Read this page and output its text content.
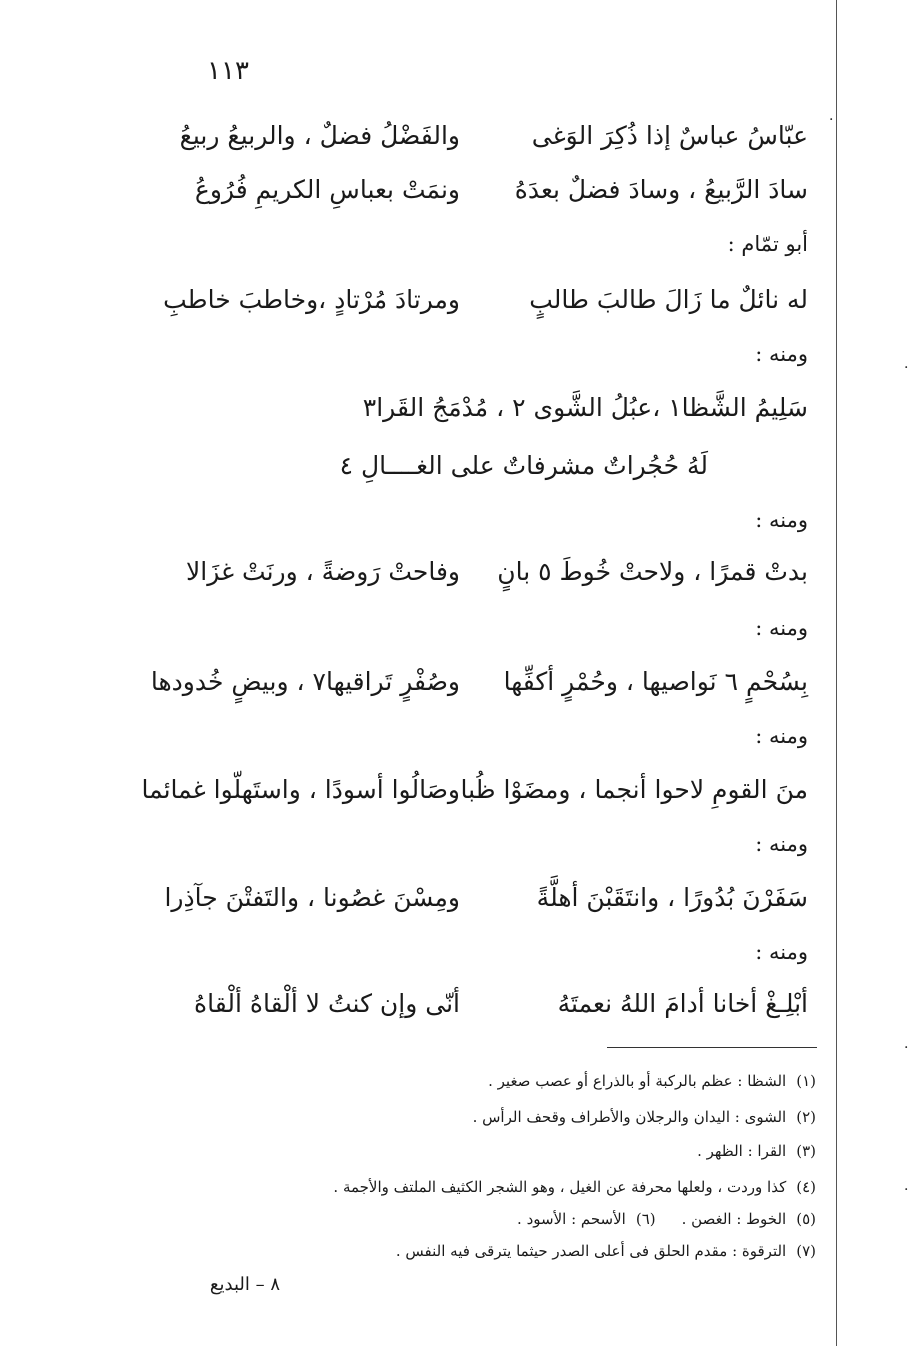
·
·
·
·
١١٣
عبّاسُ عباسٌ إذا ذُكِرَ الوَغى
والفَضْلُ فضلٌ ، والربيعُ ربيعُ
سادَ الرَّبيعُ ، وسادَ فضلٌ بعدَهُ
ونمَتْ بعباسِ الكريمِ فُرُوعُ
أبو تمّام :
له نائلٌ ما زَالَ طالبَ طالبٍ
ومرتادَ مُرْتادٍ ،وخاطبَ خاطبِ
ومنه :
سَلِيمُ الشَّظا١ ،عبُلُ الشَّوى ٢ ، مُدْمَجُ القَرا٣
لَهُ حُجُراتٌ مشرفاتٌ على الغــــالِ ٤
ومنه :
بدتْ قمرًا ، ولاحتْ خُوطَ ٥ بانٍ
وفاحتْ رَوضةً ، ورنَتْ غزَالا
ومنه :
بِسُحْمٍ ٦ نَواصيها ، وحُمْرٍ أكفِّها
وصُفْرٍ تَراقيها٧ ، وبيضٍ خُدودها
ومنه :
منَ القومِ لاحوا أنجما ، ومضَوْا ظُبا
وصَالُوا أسودًا ، واستَهلّوا غمائما
ومنه :
سَفَرْنَ بُدُورًا ، وانتَقَبْنَ أهلَّةً
ومِسْنَ غصُونا ، والتَفتْنَ جآذِرا
ومنه :
أبْلِـغْ أخانا أدامَ اللهُ نعمتَهُ
أنّى وإن كنتُ لا ألْقاهُ ألْقاهُ
(١)الشظا : عظم بالركبة أو بالذراع أو عصب صغير .
(٢)الشوى : اليدان والرجلان والأطراف وقحف الرأس .
(٣)القرا : الظهر .
(٤)كذا وردت ، ولعلها محرفة عن الغيل ، وهو الشجر الكثيف الملتف والأجمة .
(٥)الخوط : الغصن .(٦)الأسحم : الأسود .
(٧)الترقوة : مقدم الحلق فى أعلى الصدر حيثما يترقى فيه النفس .
٨ – البديع
